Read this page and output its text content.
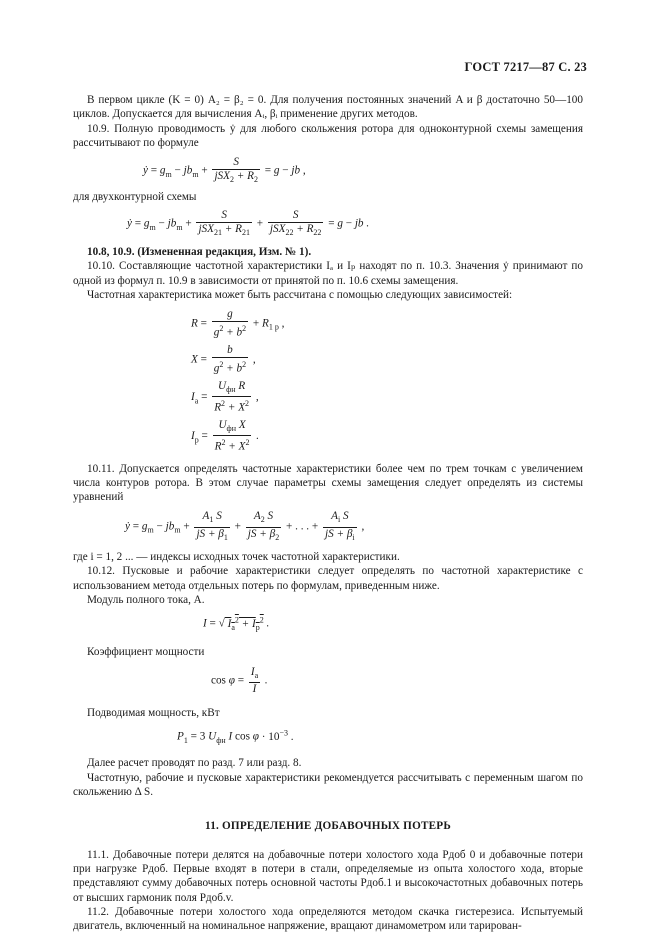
ГОСТ 7217—87 С. 23

В первом цикле (K = 0) A₂ = β₂ = 0. Для получения постоянных значений A и β достаточно 50—100 циклов. Допускается для вычисления Aᵢ, βᵢ применение других методов.

10.9. Полную проводимость ẏ для любого скольжения ротора для одноконтурной схемы замещения рассчитывают по формуле

ẏ = $g_m - jb_m$ +
S
$jSX_2 + R_2$
= g − jb ,

для двухконтурной схемы

ẏ = $g_m - jb_m$ +
S
$jSX_{21} + R_{21}$
+
S
$jSX_{22} + R_{22}$
= g − jb .

10.8, 10.9. (Измененная редакция, Изм. № 1).

10.10. Составляющие частотной характеристики Iₐ и Iₚ находят по п. 10.3. Значения ẏ принимают по одной из формул п. 10.9 в зависимости от принятой по п. 10.6 схемы замещения.

Частотная характеристика может быть рассчитана с помощью следующих зависимостей:

$R = \frac{g}{g^2 + b^2} + R_{1 p}$ ,
$X = \frac{b}{g^2 + b^2}$ ,
$I_a$ =
$U_{фн}$ R
$R^2 + X^2$
,
$I_p$ =
$U_{фн}$ X
$R^2 + X^2$
.

10.11. Допускается определять частотные характеристики более чем по трем точкам с увеличением числа контуров ротора. В этом случае параметры схемы замещения следует определять из системы уравнений

ẏ = $g_m - jb_m + \frac{A_1 S}{jS + \beta_1} + \frac{A_2 S}{jS + \beta_2}$ + . . . + $\frac{A_i S}{jS + \beta_i}$ ,

где i = 1, 2 ... — индексы исходных точек частотной характеристики.

10.12. Пусковые и рабочие характеристики следует определять по частотной характеристике с использованием метода отдельных потерь по формулам, приведенным ниже.

Модуль полного тока, А.

I = √ $I_a^2 + I_p^2$ .

Коэффициент мощности

$\cos \varphi = \frac{I_a}{I}$ .

Подводимая мощность, кВт

$P_1 = 3$ $U_{фн}$ I $\cos \varphi \cdot 10^{-3}$ .

Далее расчет проводят по разд. 7 или разд. 8.

Частотную, рабочие и пусковые характеристики рекомендуется рассчитывать с переменным шагом по скольжению Δ S.

11. ОПРЕДЕЛЕНИЕ ДОБАВОЧНЫХ ПОТЕРЬ

11.1. Добавочные потери делятся на добавочные потери холостого хода Pдоб 0 и добавочные потери при нагрузке Pдоб. Первые входят в потери в стали, определяемые из опыта холостого хода, вторые представляют сумму добавочных потерь основной частоты Pдоб.1 и высокочастотных добавочных потерь от высших гармоник поля Pдоб.v.

11.2. Добавочные потери холостого хода определяются методом скачка гистерезиса. Испытуемый двигатель, включенный на номинальное напряжение, вращают динамометром или тарирован-
